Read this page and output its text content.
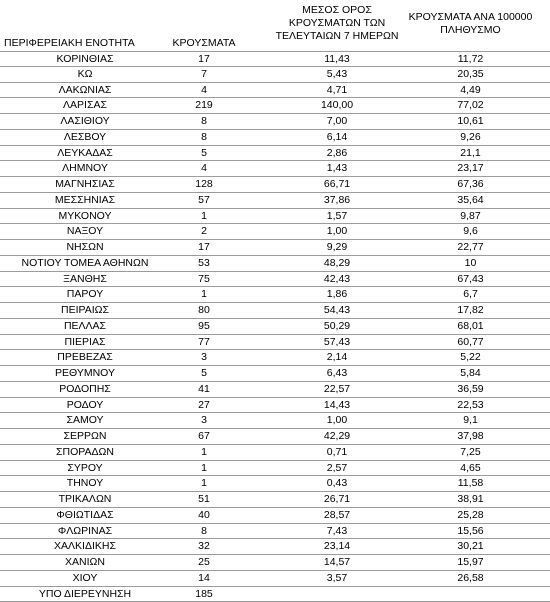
ΠΕΡΙΦΕΡΕΙΑΚΗ ΕΝΟΤΗΤΑ	ΚΡΟΥΣΜΑΤΑ
ΜΕΣΟΣ ΟΡΟΣ
ΚΡΟΥΣΜΑΤΩΝ ΤΩΝ
ΤΕΛΕΥΤΑΙΩΝ 7 ΗΜΕΡΩΝ
ΚΡΟΥΣΜΑΤΑ ΑΝΑ 100000
ΠΛΗΘΥΣΜΟ
ΚΟΡΙΝΘΙΑΣ	17	11,43	11,72
ΚΩ	7	5,43	20,35
ΛΑΚΩΝΙΑΣ	4	4,71	4,49
ΛΑΡΙΣΑΣ	219	140,00	77,02
ΛΑΣΙΘΙΟΥ	8	7,00	10,61
ΛΕΣΒΟΥ	8	6,14	9,26
ΛΕΥΚΑΔΑΣ	5	2,86	21,1
ΛΗΜΝΟΥ	4	1,43	23,17
ΜΑΓΝΗΣΙΑΣ	128	66,71	67,36
ΜΕΣΣΗΝΙΑΣ	57	37,86	35,64
ΜΥΚΟΝΟΥ	1	1,57	9,87
ΝΑΞΟΥ	2	1,00	9,6
ΝΗΣΩΝ	17	9,29	22,77
ΝΟΤΙΟΥ ΤΟΜΕΑ ΑΘΗΝΩΝ	53	48,29	10
ΞΑΝΘΗΣ	75	42,43	67,43
ΠΑΡΟΥ	1	1,86	6,7
ΠΕΙΡΑΙΩΣ	80	54,43	17,82
ΠΕΛΛΑΣ	95	50,29	68,01
ΠΙΕΡΙΑΣ	77	57,43	60,77
ΠΡΕΒΕΖΑΣ	3	2,14	5,22
ΡΕΘΥΜΝΟΥ	5	6,43	5,84
ΡΟΔΟΠΗΣ	41	22,57	36,59
ΡΟΔΟΥ	27	14,43	22,53
ΣΑΜΟΥ	3	1,00	9,1
ΣΕΡΡΩΝ	67	42,29	37,98
ΣΠΟΡΑΔΩΝ	1	0,71	7,25
ΣΥΡΟΥ	1	2,57	4,65
ΤΗΝΟΥ	1	0,43	11,58
ΤΡΙΚΑΛΩΝ	51	26,71	38,91
ΦΘΙΩΤΙΔΑΣ	40	28,57	25,28
ΦΛΩΡΙΝΑΣ	8	7,43	15,56
ΧΑΛΚΙΔΙΚΗΣ	32	23,14	30,21
ΧΑΝΙΩΝ	25	14,57	15,97
ΧΙΟΥ	14	3,57	26,58
ΥΠΟ ΔΙΕΡΕΥΝΗΣΗ	185
